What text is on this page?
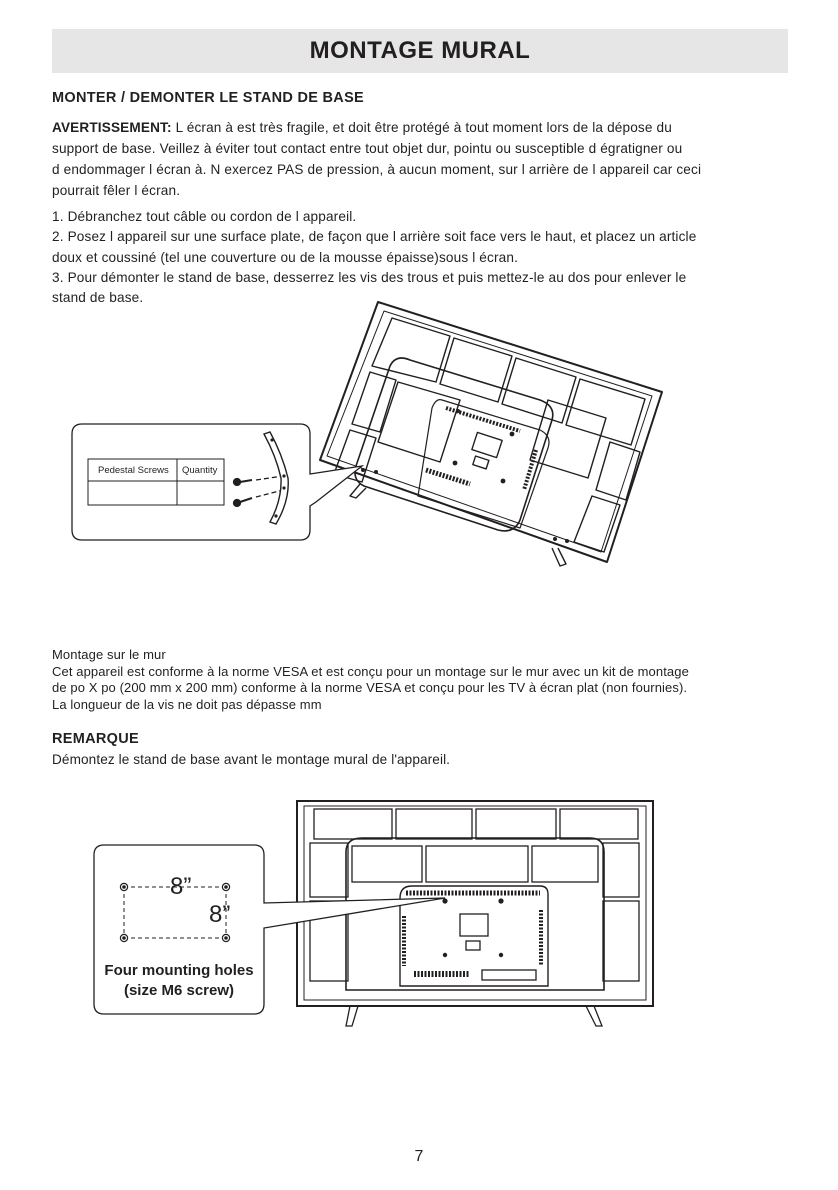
MONTAGE MURAL
MONTER / DEMONTER LE STAND DE BASE
AVERTISSEMENT: L écran à est très fragile, et doit être protégé à tout moment lors de la dépose du
support de base. Veillez à éviter tout contact entre tout objet dur, pointu ou susceptible d égratigner ou
d endommager l écran à. N exercez PAS de pression, à aucun moment, sur l arrière de l appareil car ceci
pourrait fêler l écran.
1. Débranchez tout câble ou cordon de l appareil.
2. Posez l appareil sur une surface plate, de façon que l arrière soit face vers le haut, et placez un article
doux et coussiné (tel une couverture ou de la mousse épaisse)sous l écran.
3. Pour démonter le stand de base, desserrez les vis des trous et puis mettez-le au dos pour enlever le
stand de base.
Pedestal Screws Quantity
Montage sur le mur
Cet appareil est conforme à la norme VESA et est conçu pour un montage sur le mur avec un kit de montage
de po X po (200 mm x 200 mm) conforme à la norme VESA et conçu pour les TV à écran plat (non fournies).
La longueur de la vis ne doit pas dépasse mm
REMARQUE
Démontez le stand de base avant le montage mural de l'appareil.
8”
8”
Four mounting holes
(size M6 screw)
7
